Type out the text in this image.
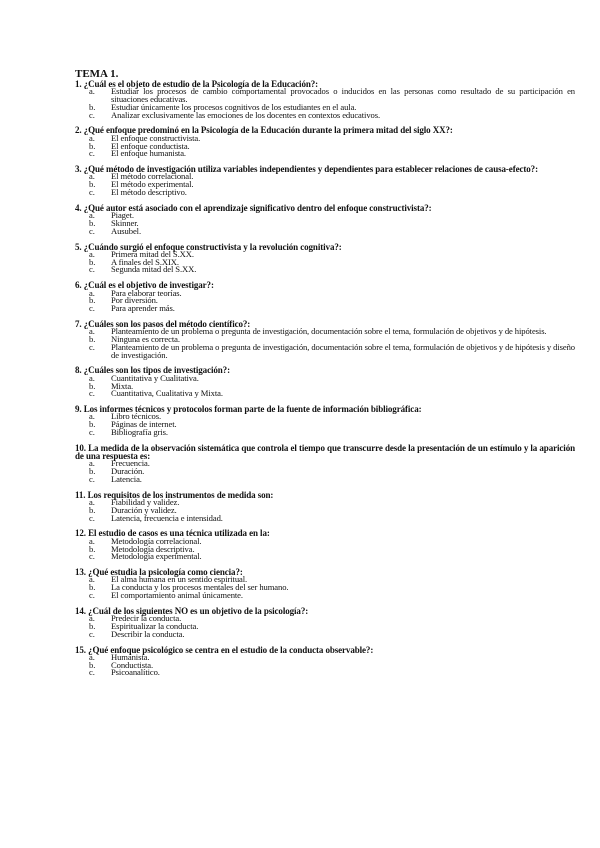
TEMA 1.
1. ¿Cuál es el objeto de estudio de la Psicología de la Educación?:
a.	Estudiar los procesos de cambio comportamental provocados o inducidos en las personas como resultado de su participación en situaciones educativas.
b.	Estudiar únicamente los procesos cognitivos de los estudiantes en el aula.
c.	Analizar exclusivamente las emociones de los docentes en contextos educativos.
2. ¿Qué enfoque predominó en la Psicología de la Educación durante la primera mitad del siglo XX?:
a.	El enfoque constructivista.
b.	El enfoque conductista.
c.	El enfoque humanista.
3. ¿Qué método de investigación utiliza variables independientes y dependientes para establecer relaciones de causa-efecto?:
a.	El método correlacional.
b.	El método experimental.
c.	El método descriptivo.
4. ¿Qué autor está asociado con el aprendizaje significativo dentro del enfoque constructivista?:
a.	Piaget.
b.	Skinner.
c.	Ausubel.
5. ¿Cuándo surgió el enfoque constructivista y la revolución cognitiva?:
a.	Primera mitad del S.XX.
b.	A finales del S.XIX.
c.	Segunda mitad del S.XX.
6. ¿Cuál es el objetivo de investigar?:
a.	Para elaborar teorías.
b.	Por diversión.
c.	Para aprender más.
7. ¿Cuáles son los pasos del método científico?:
a.	Planteamiento de un problema o pregunta de investigación, documentación sobre el tema, formulación de objetivos y de hipótesis.
b.	Ninguna es correcta.
c.	Planteamiento de un problema o pregunta de investigación, documentación sobre el tema, formulación de objetivos y de hipótesis y diseño de investigación.
8. ¿Cuáles son los tipos de investigación?:
a.	Cuantitativa y Cualitativa.
b.	Mixta.
c.	Cuantitativa, Cualitativa y Mixta.
9. Los informes técnicos y protocolos forman parte de la fuente de información bibliográfica:
a.	Libro técnicos.
b.	Páginas de internet.
c.	Bibliografía gris.
10. La medida de la observación sistemática que controla el tiempo que transcurre desde la presentación de un estímulo y la aparición de una respuesta es:
a.	Frecuencia.
b.	Duración.
c.	Latencia.
11. Los requisitos de los instrumentos de medida son:
a.	Fiabilidad y validez.
b.	Duración y validez.
c.	Latencia, frecuencia e intensidad.
12. El estudio de casos es una técnica utilizada en la:
a.	Metodología correlacional.
b.	Metodología descriptiva.
c.	Metodología experimental.
13. ¿Qué estudia la psicología como ciencia?:
a.	El alma humana en un sentido espiritual.
b.	La conducta y los procesos mentales del ser humano.
c.	El comportamiento animal únicamente.
14. ¿Cuál de los siguientes NO es un objetivo de la psicología?:
a.	Predecir la conducta.
b.	Espiritualizar la conducta.
c.	Describir la conducta.
15. ¿Qué enfoque psicológico se centra en el estudio de la conducta observable?:
a.	Humanista.
b.	Conductista.
c.	Psicoanalítico.
